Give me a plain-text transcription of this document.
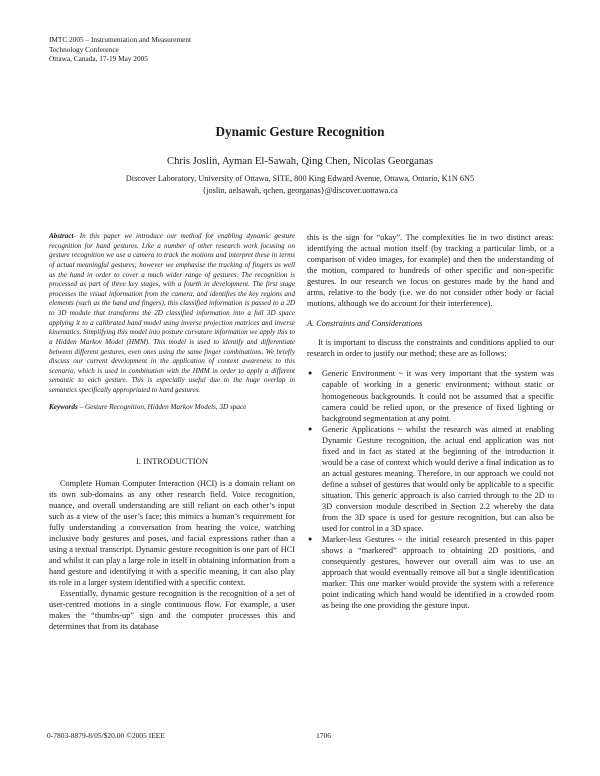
IMTC 2005 – Instrumentation and Measurement
Technology Conference
Ottawa, Canada, 17-19 May 2005
Dynamic Gesture Recognition
Chris Joslin, Ayman El-Sawah, Qing Chen, Nicolas Georganas
Discover Laboratory, University of Ottawa, SITE, 800 King Edward Avenue, Ottawa, Ontario, K1N 6N5
{joslin, aelsawah, qchen, georganas}@discover.uottawa.ca

Abstract- In this paper we introduce our method for enabling dynamic gesture recognition for hand gestures. Like a number of other research work focusing on gesture recognition we use a camera to track the motions and interpret these in terms of actual meaningful gestures; however we emphasise the tracking of fingers as well as the hand in order to cover a much wider range of gestures. The recognition is processed as part of three key stages, with a fourth in development. The first stage processes the visual information from the camera, and identifies the key regions and elements (such as the hand and fingers), this classified information is passed to a 2D to 3D module that transforms the 2D classified information into a full 3D space applying it to a calibrated hand model using inverse projection matrices and inverse kinematics. Simplifying this model into posture curvature information we apply this to a Hidden Markov Model (HMM). This model is used to identify and differentiate between different gestures, even ones using the same finger combinations. We briefly discuss our current development in the application of context awareness to this scenario, which is used in combination with the HMM in order to apply a different semantic to each gesture. This is especially useful due to the huge overlap in semantics specifically appropriated to hand gestures.

Keywords – Gesture Recognition, Hidden Markov Models, 3D space
I. INTRODUCTION

Complete Human Computer Interaction (HCI) is a domain reliant on its own sub-domains as any other research field. Voice recognition, nuance, and overall understanding are still reliant on each other’s input such as a view of the user’s face; this mimics a human’s requirement for fully understanding a conversation from hearing the voice, watching inclusive body gestures and poses, and facial expressions rather than a using a textual transcript. Dynamic gesture recognition is one part of HCI and whilst it can play a large role in itself in obtaining information from a hand gesture and identifying it with a specific meaning, it can also play its role in a larger system identified with a specific context.

Essentially, dynamic gesture recognition is the recognition of a set of user-centred motions in a single continuous flow. For example, a user makes the “thumbs-up” sign and the computer processes this and determines that from its database

this is the sign for “okay”. The complexities lie in two distinct areas: identifying the actual motion itself (by tracking a particular limb, or a comparison of video images, for example) and then the understanding of the motion, compared to hundreds of other specific and non-specific gestures. In our research we focus on gestures made by the hand and arms, relative to the body (i.e. we do not consider other body or facial motions, although we do account for their interference).

A. Constraints and Considerations

It is important to discuss the constraints and conditions applied to our research in order to justify our method; these are as follows:

● Generic Environment ~ it was very important that the system was capable of working in a generic environment; without static or homogeneous backgrounds. It could not be assumed that a specific camera could be relied upon, or the presence of fixed lighting or background segmentation at any point.
● Generic Applications ~ whilst the research was aimed at enabling Dynamic Gesture recognition, the actual end application was not fixed and in fact as stated at the beginning of the introduction it would be a case of context which would derive a final indication as to an actual gestures meaning. Therefore, in our approach we could not define a subset of gestures that would only be applicable to a specific situation. This generic approach is also carried through to the 2D to 3D conversion module described in Section 2.2 whereby the data from the 3D space is used for gesture recognition, but can also be used for control in a 3D space.
● Marker-less Gestures ~ the initial research presented in this paper shows a “markered” approach to obtaining 2D positions, and consequently gestures, however our overall aim was to use an approach that would eventually remove all but a single identification marker. This one marker would provide the system with a reference point indicating which hand would be identified in a crowded room as being the one providing the gesture input.
0-7803-8879-8/05/$20.00 ©2005 IEEE	1706
